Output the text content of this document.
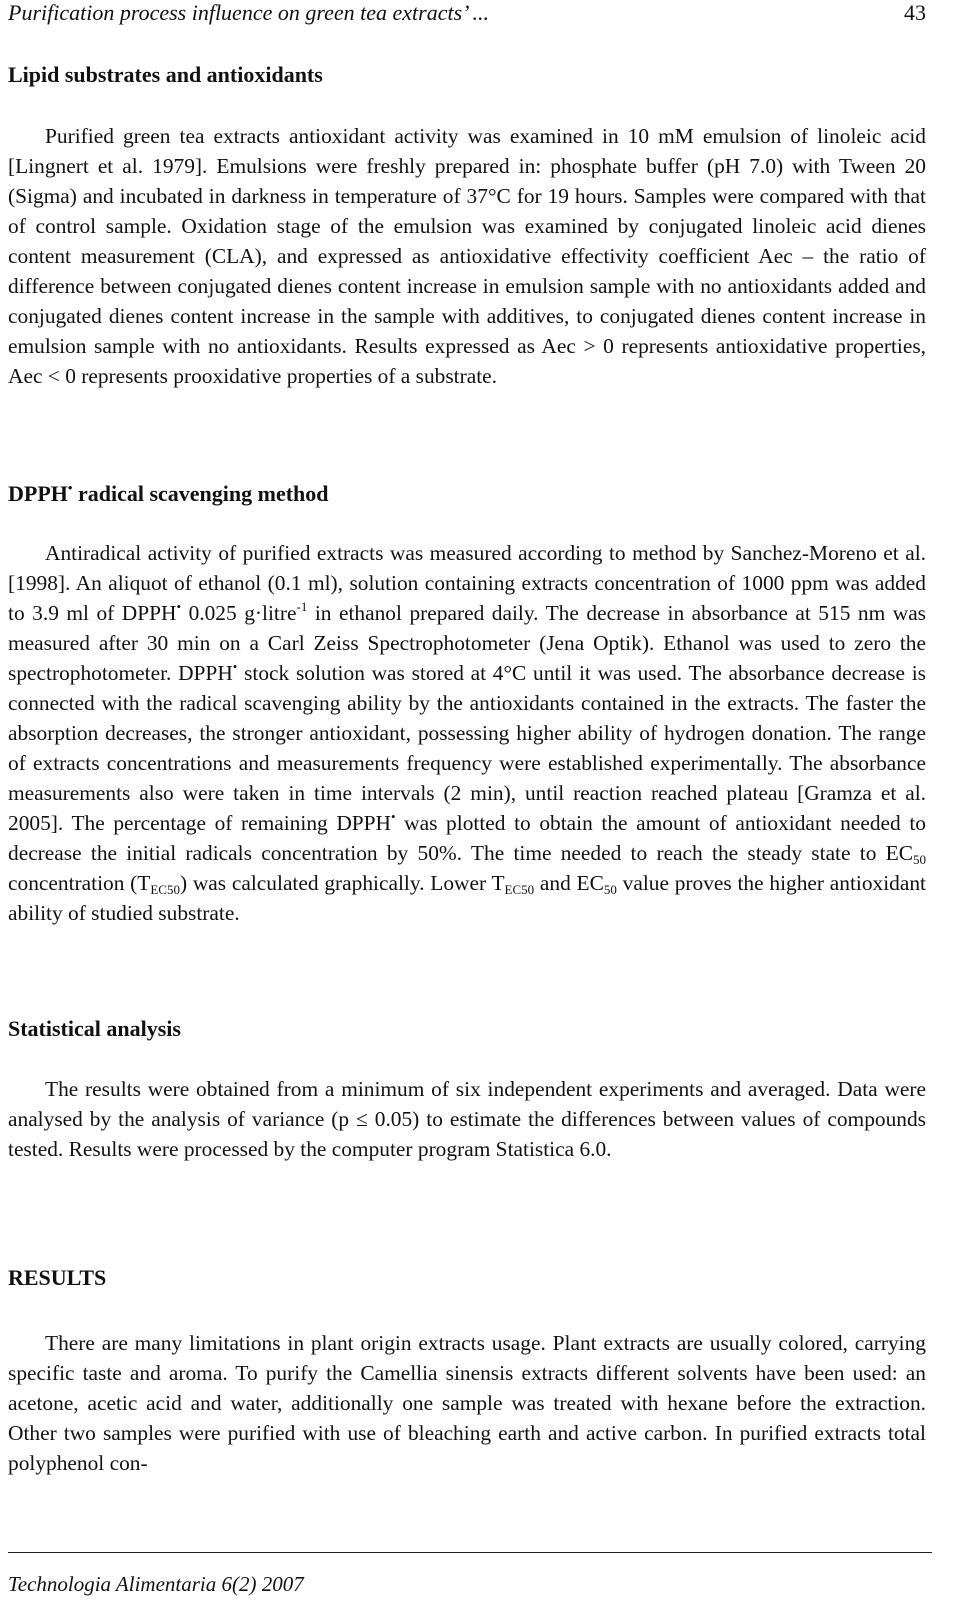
Purification process influence on green tea extracts’ ...	43
Lipid substrates and antioxidants

Purified green tea extracts antioxidant activity was examined in 10 mM emulsion of linoleic acid [Lingnert et al. 1979]. Emulsions were freshly prepared in: phosphate buffer (pH 7.0) with Tween 20 (Sigma) and incubated in darkness in temperature of 37°C for 19 hours. Samples were compared with that of control sample. Oxidation stage of the emulsion was examined by conjugated linoleic acid dienes content measurement (CLA), and expressed as antioxidative effectivity coefficient Aec – the ratio of difference between conjugated dienes content increase in emulsion sample with no antioxidants added and conjugated dienes content increase in the sample with additives, to conjugated dienes content increase in emulsion sample with no antioxidants. Results expressed as Aec > 0 represents antioxidative properties, Aec < 0 represents prooxidative properties of a substrate.

DPPH• radical scavenging method

Antiradical activity of purified extracts was measured according to method by Sanchez-Moreno et al. [1998]. An aliquot of ethanol (0.1 ml), solution containing extracts concentration of 1000 ppm was added to 3.9 ml of DPPH• 0.025 g·litre$^{-1}$ in ethanol prepared daily. The decrease in absorbance at 515 nm was measured after 30 min on a Carl Zeiss Spectrophotometer (Jena Optik). Ethanol was used to zero the spectrophotometer. DPPH• stock solution was stored at 4°C until it was used. The absorbance decrease is connected with the radical scavenging ability by the antioxidants contained in the extracts. The faster the absorption decreases, the stronger antioxidant, possessing higher ability of hydrogen donation. The range of extracts concentrations and measurements frequency were established experimentally. The absorbance measurements also were taken in time intervals (2 min), until reaction reached plateau [Gramza et al. 2005]. The percentage of remaining DPPH• was plotted to obtain the amount of antioxidant needed to decrease the initial radicals concentration by 50%. The time needed to reach the steady state to $EC_{50}$ concentration $(T_{EC50})$ was calculated graphically. Lower $T_{EC50}$ and $EC_{50}$ value proves the higher antioxidant ability of studied substrate.

Statistical analysis

The results were obtained from a minimum of six independent experiments and averaged. Data were analysed by the analysis of variance (p ≤ 0.05) to estimate the differences between values of compounds tested. Results were processed by the computer program Statistica 6.0.

RESULTS

There are many limitations in plant origin extracts usage. Plant extracts are usually colored, carrying specific taste and aroma. To purify the Camellia sinensis extracts different solvents have been used: an acetone, acetic acid and water, additionally one sample was treated with hexane before the extraction. Other two samples were purified with use of bleaching earth and active carbon. In purified extracts total polyphenol con-

Technologia Alimentaria 6(2) 2007
